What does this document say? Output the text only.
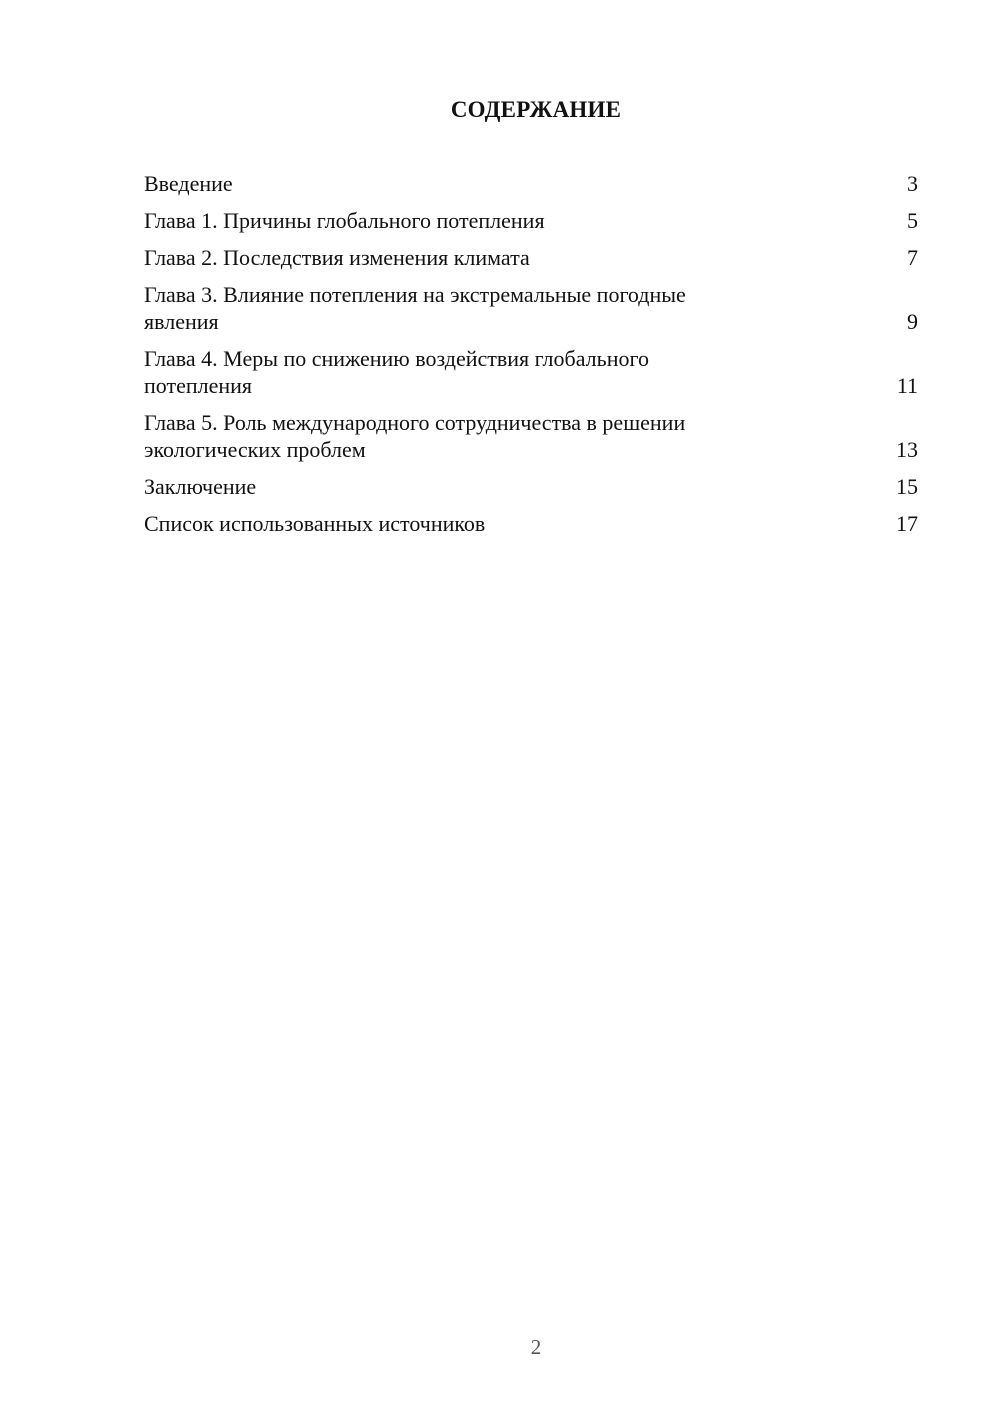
СОДЕРЖАНИЕ
Введение	3
Глава 1. Причины глобального потепления	5
Глава 2. Последствия изменения климата	7
Глава 3. Влияние потепления на экстремальные погодные
явления	9
Глава 4. Меры по снижению воздействия глобального
потепления	11
Глава 5. Роль международного сотрудничества в решении
экологических проблем	13
Заключение	15
Список использованных источников	17
2
